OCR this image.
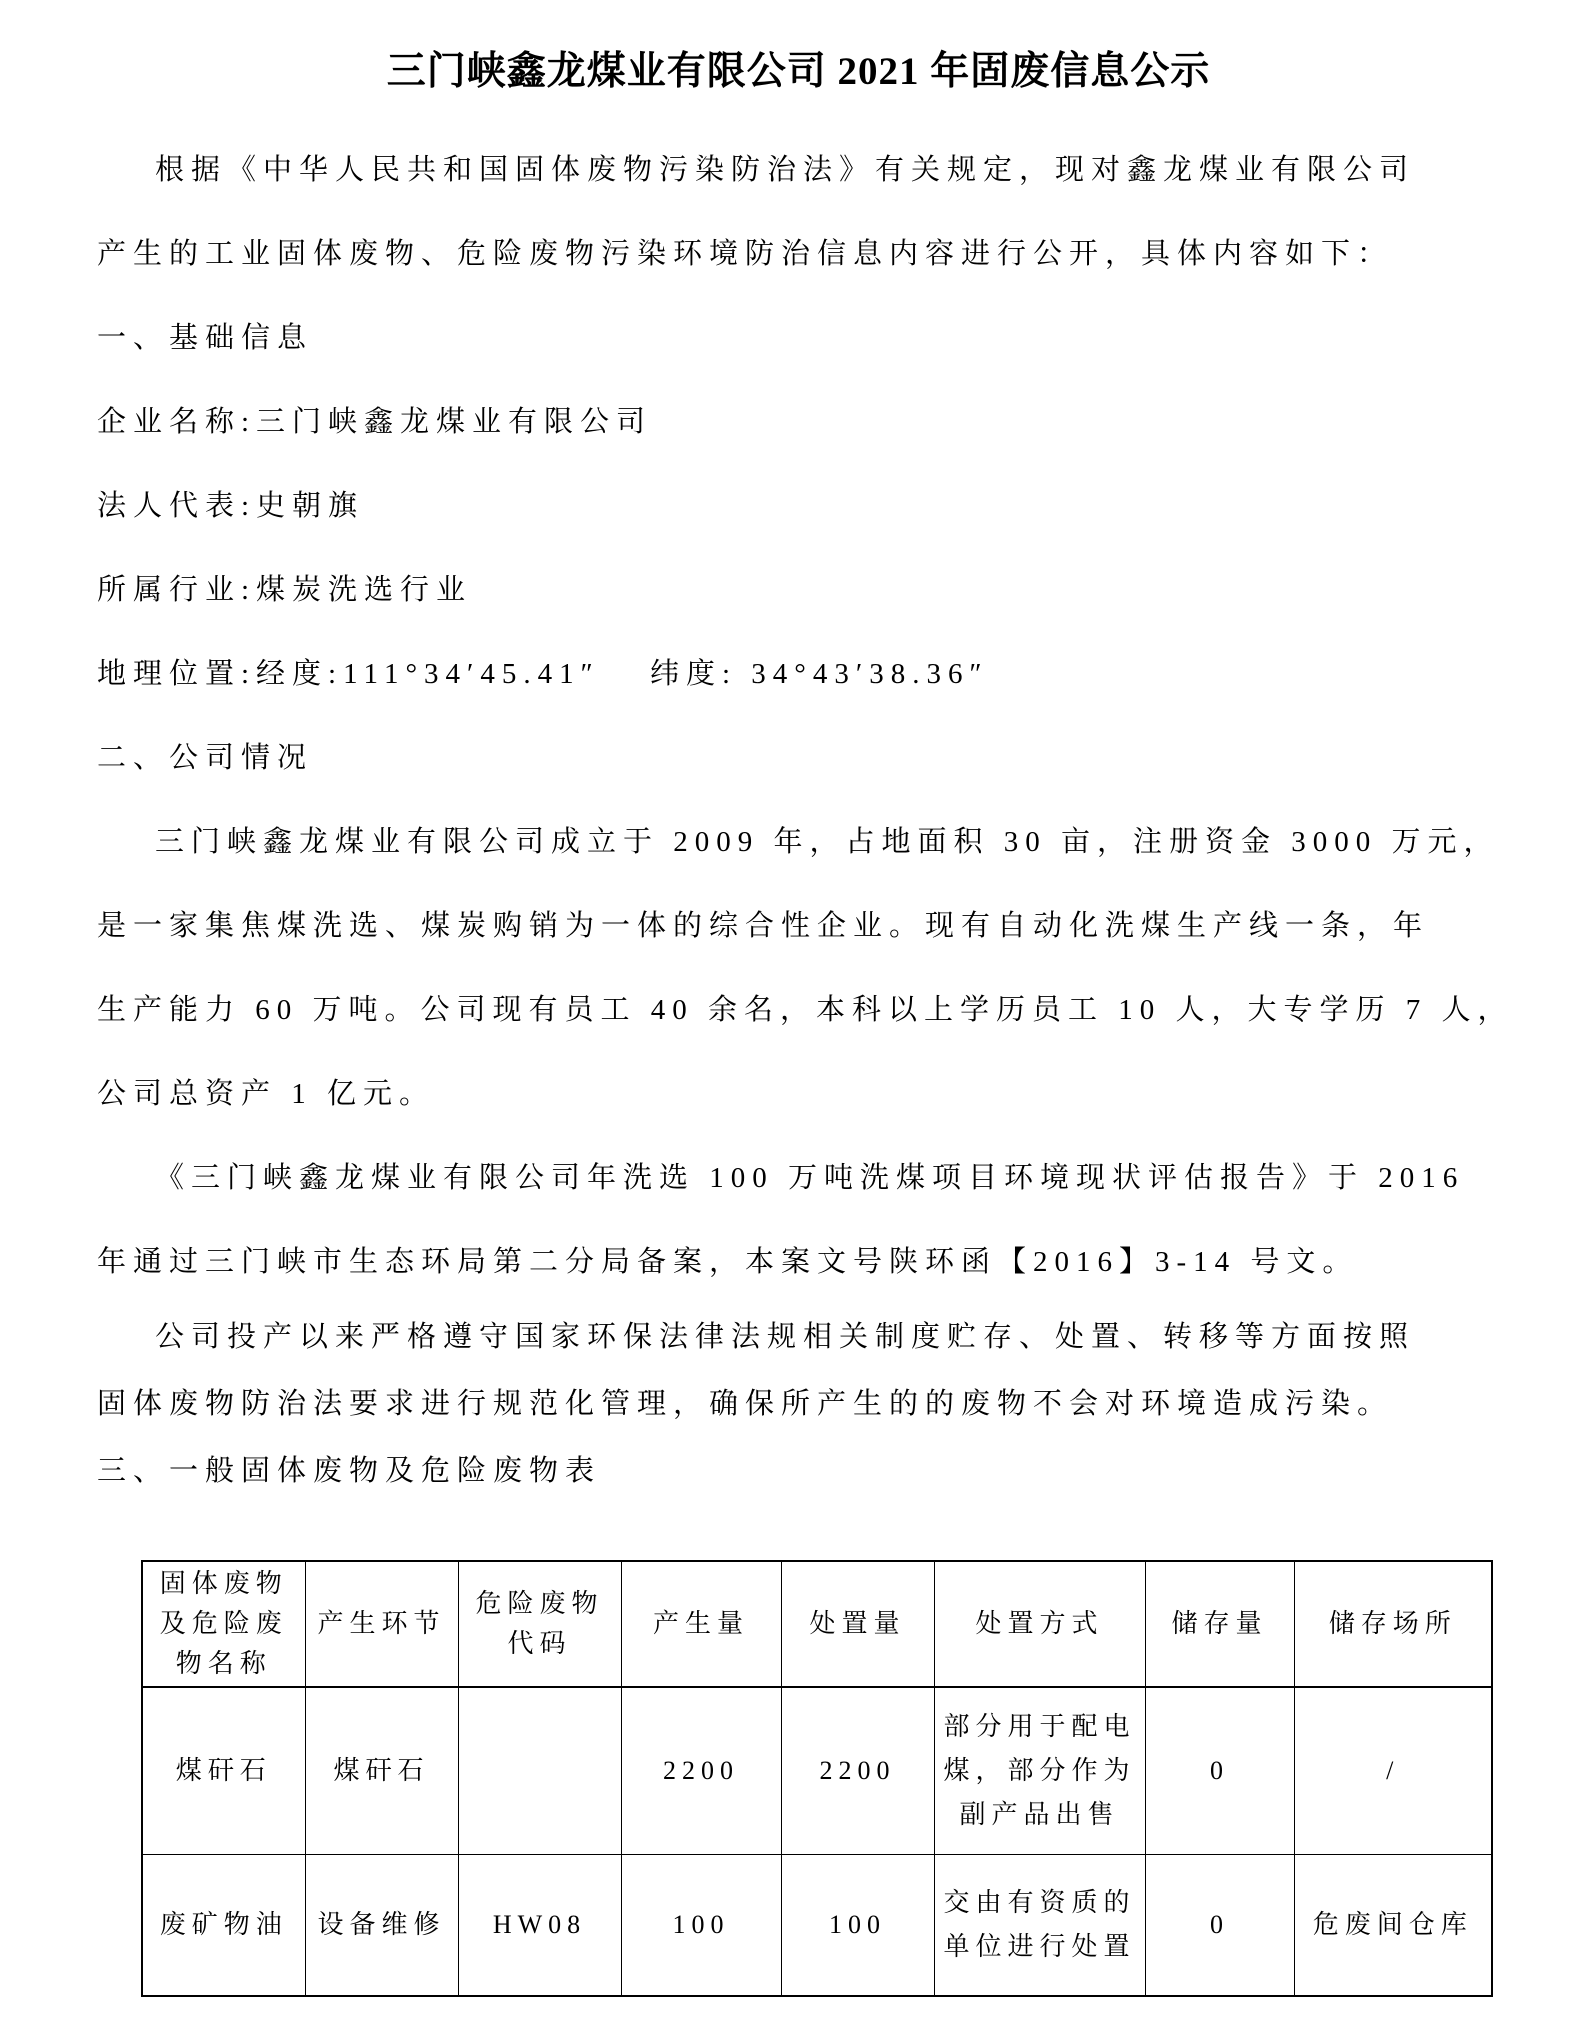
三门峡鑫龙煤业有限公司 2021 年固废信息公示
根据《中华人民共和国固体废物污染防治法》有关规定，现对鑫龙煤业有限公司
产生的工业固体废物、危险废物污染环境防治信息内容进行公开，具体内容如下：
一、基础信息
企业名称:三门峡鑫龙煤业有限公司
法人代表:史朝旗
所属行业:煤炭洗选行业
地理位置:经度:111°34′45.41″　 纬度: 34°43′38.36″
二、公司情况
三门峡鑫龙煤业有限公司成立于 2009 年，占地面积 30 亩，注册资金 3000 万元，
是一家集焦煤洗选、煤炭购销为一体的综合性企业。现有自动化洗煤生产线一条，年
生产能力 60 万吨。公司现有员工 40 余名，本科以上学历员工 10 人，大专学历 7 人，
公司总资产 1 亿元。
《三门峡鑫龙煤业有限公司年洗选 100 万吨洗煤项目环境现状评估报告》于 2016
年通过三门峡市生态环局第二分局备案，本案文号陕环函【2016】3-14 号文。
公司投产以来严格遵守国家环保法律法规相关制度贮存、处置、转移等方面按照
固体废物防治法要求进行规范化管理，确保所产生的的废物不会对环境造成污染。
三、一般固体废物及危险废物表
固体废物及危险废物名称	产生环节	危险废物代码	产生量	处置量	处置方式	储存量	储存场所
煤矸石	煤矸石		2200	2200	部分用于配电煤，部分作为副产品出售	0	/
废矿物油	设备维修	HW08	100	100	交由有资质的单位进行处置	0	危废间仓库
